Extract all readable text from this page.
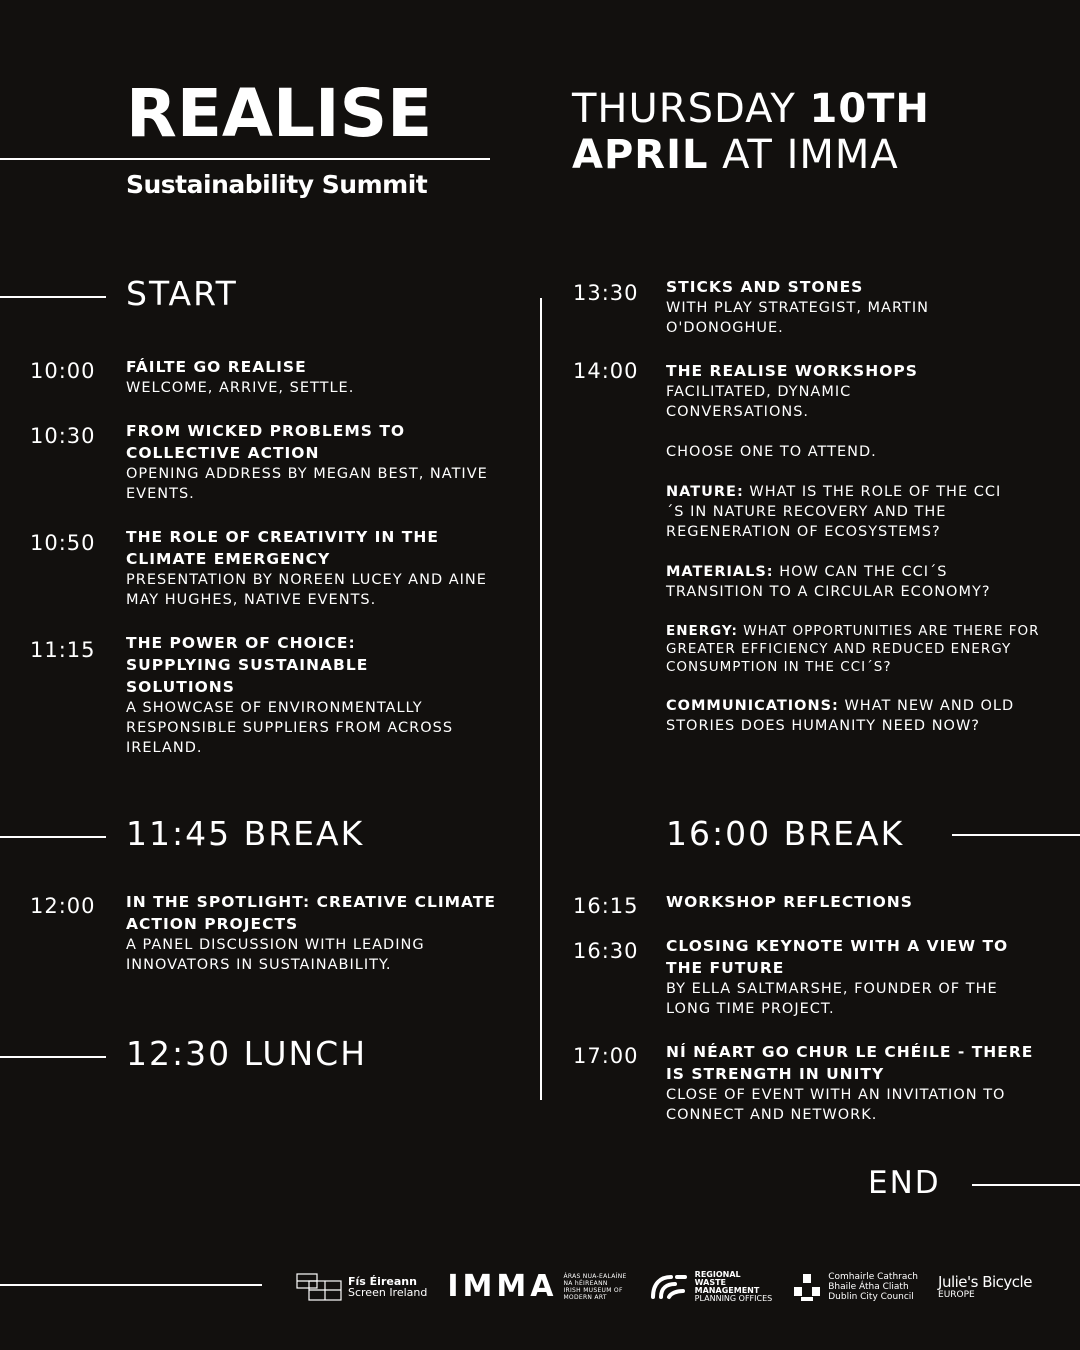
REALISE
Sustainability Summit
THURSDAY 10TH
APRIL AT IMMA
START
10:00 FÁILTE GO REALISE
WELCOME, ARRIVE, SETTLE.
10:30 FROM WICKED PROBLEMS TO COLLECTIVE ACTION
OPENING ADDRESS BY MEGAN BEST, NATIVE EVENTS.
10:50 THE ROLE OF CREATIVITY IN THE CLIMATE EMERGENCY
PRESENTATION BY NOREEN LUCEY AND AINE MAY HUGHES, NATIVE EVENTS.
11:15 THE POWER OF CHOICE: SUPPLYING SUSTAINABLE SOLUTIONS
A SHOWCASE OF ENVIRONMENTALLY RESPONSIBLE SUPPLIERS FROM ACROSS IRELAND.
11:45 BREAK
12:00 IN THE SPOTLIGHT: CREATIVE CLIMATE ACTION PROJECTS
A PANEL DISCUSSION WITH LEADING INNOVATORS IN SUSTAINABILITY.
12:30 LUNCH
13:30 STICKS AND STONES
WITH PLAY STRATEGIST, MARTIN O'DONOGHUE.
14:00 THE REALISE WORKSHOPS
FACILITATED, DYNAMIC CONVERSATIONS.
CHOOSE ONE TO ATTEND.
NATURE: WHAT IS THE ROLE OF THE CCI´S IN NATURE RECOVERY AND THE REGENERATION OF ECOSYSTEMS?
MATERIALS: HOW CAN THE CCI´S TRANSITION TO A CIRCULAR ECONOMY?
ENERGY: WHAT OPPORTUNITIES ARE THERE FOR GREATER EFFICIENCY AND REDUCED ENERGY CONSUMPTION IN THE CCI´S?
COMMUNICATIONS: WHAT NEW AND OLD STORIES DOES HUMANITY NEED NOW?
16:00 BREAK
16:15 WORKSHOP REFLECTIONS
16:30 CLOSING KEYNOTE WITH A VIEW TO THE FUTURE
BY ELLA SALTMARSHE, FOUNDER OF THE LONG TIME PROJECT.
17:00 NÍ NÉART GO CHUR LE CHÉILE - THERE IS STRENGTH IN UNITY
CLOSE OF EVENT WITH AN INVITATION TO CONNECT AND NETWORK.
END
Fís Éireann
Screen Ireland IMMA ÁRAS NUA-EALAÍNE
NA hÉIREANN
IRISH MUSEUM OF
MODERN ART
REGIONAL
WASTE
MANAGEMENT
PLANNING OFFICES
Comhairle Cathrach
Bhaile Átha Cliath
Dublin City Council
Julie's Bicycle
EUROPE
